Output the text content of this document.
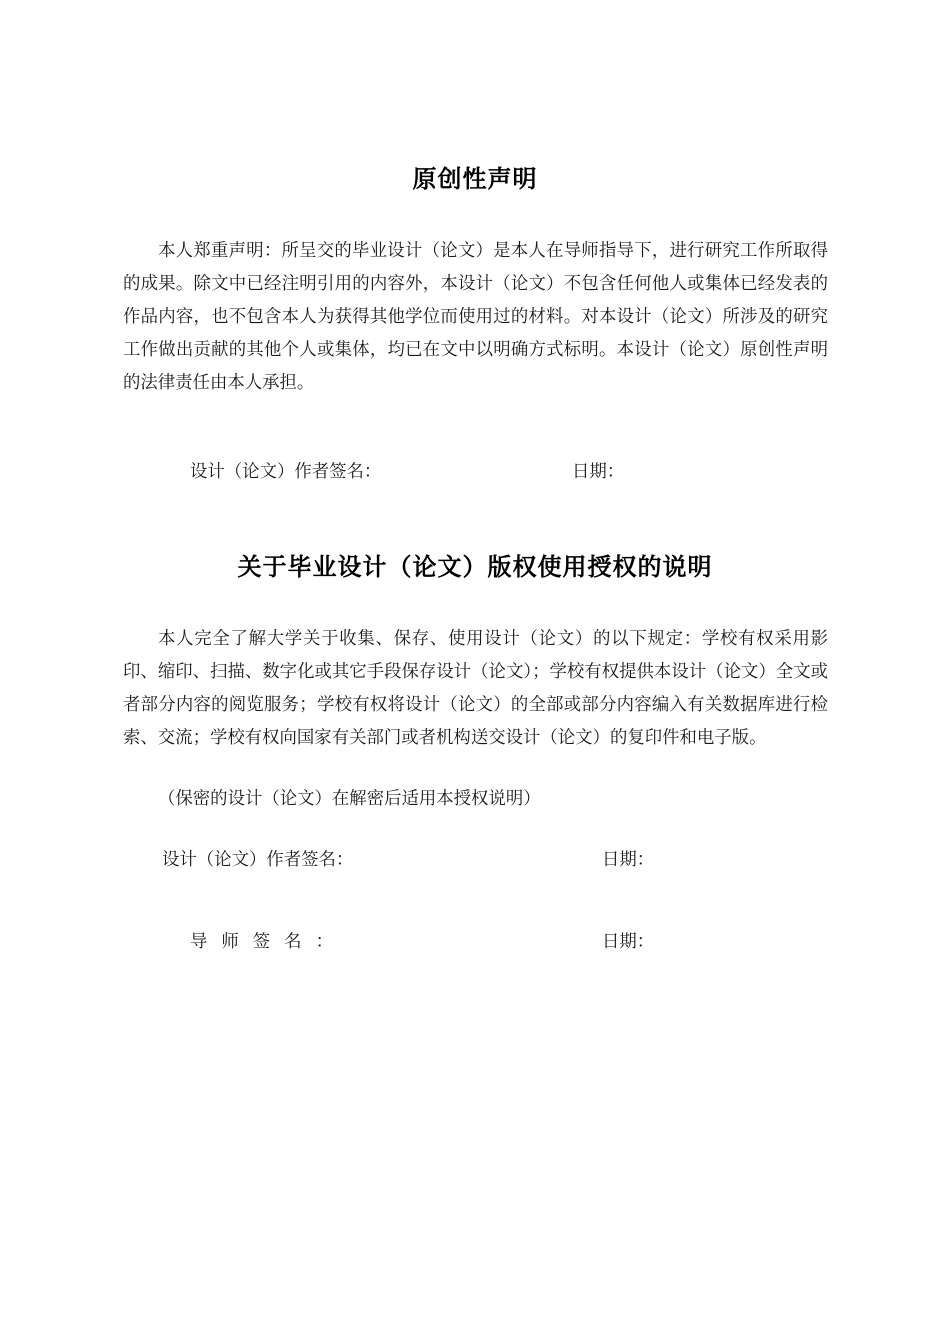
原创性声明
本人郑重声明：所呈交的毕业设计（论文）是本人在导师指导下，进行研究工作所取得的成果。除文中已经注明引用的内容外，本设计（论文）不包含任何他人或集体已经发表的作品内容，也不包含本人为获得其他学位而使用过的材料。对本设计（论文）所涉及的研究工作做出贡献的其他个人或集体，均已在文中以明确方式标明。本设计（论文）原创性声明的法律责任由本人承担。
设计（论文）作者签名：	日期：
关于毕业设计（论文）版权使用授权的说明
本人完全了解大学关于收集、保存、使用设计（论文）的以下规定：学校有权采用影印、缩印、扫描、数字化或其它手段保存设计（论文）；学校有权提供本设计（论文）全文或者部分内容的阅览服务；学校有权将设计（论文）的全部或部分内容编入有关数据库进行检索、交流；学校有权向国家有关部门或者机构送交设计（论文）的复印件和电子版。
（保密的设计（论文）在解密后适用本授权说明）
设计（论文）作者签名：	日期：
导师签名：	日期：
